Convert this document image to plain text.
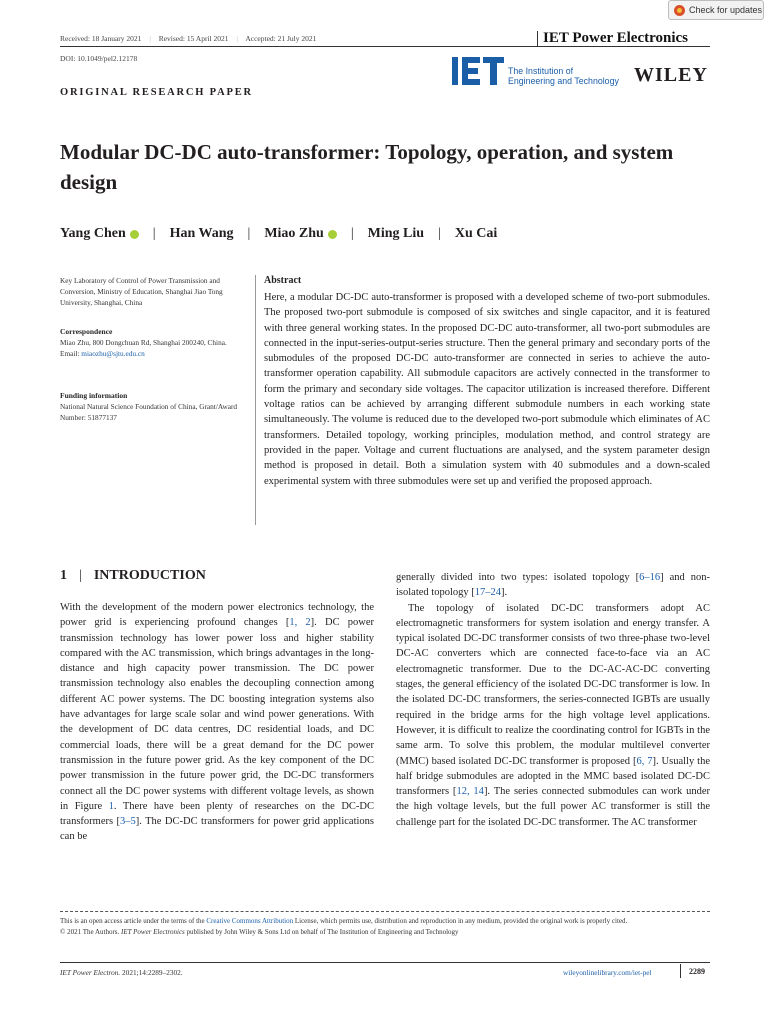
Check for updates
Received: 18 January 2021 | Revised: 15 April 2021 | Accepted: 21 July 2021	IET Power Electronics
DOI: 10.1049/pel2.12178
The Institution of
Engineering and Technology WILEY
ORIGINAL RESEARCH PAPER
Modular DC-DC auto-transformer: Topology, operation, and system design
Yang Chen | Han Wang | Miao Zhu | Ming Liu | Xu Cai
Key Laboratory of Control of Power Transmission and Conversion, Ministry of Education, Shanghai Jiao Tong University, Shanghai, China
Correspondence
Miao Zhu, 800 Dongchuan Rd, Shanghai 200240, China.
Email: miaozhu@sjtu.edu.cn
Funding information
National Natural Science Foundation of China, Grant/Award Number: 51877137
Abstract
Here, a modular DC-DC auto-transformer is proposed with a developed scheme of two-port submodules. The proposed two-port submodule is composed of six switches and single capacitor, and it is featured with three general working states. In the proposed DC-DC auto-transformer, all two-port submodules are connected in the input-series-output-series structure. Then the general primary and secondary ports of the submodules of the proposed DC-DC auto-transformer are connected in series to achieve the auto-transformer operation capability. All submodule capacitors are actively connected in the transformer to form the primary and secondary side voltages. The capacitor utilization is increased therefore. Different voltage ratios can be achieved by arranging different submodule numbers in each working state simultaneously. The volume is reduced due to the developed two-port submodule which eliminates of AC transformers. Detailed topology, working principles, modulation method, and control strategy are provided in the paper. Voltage and current fluctuations are analysed, and the system parameter design method is proposed in detail. Both a simulation system with 40 submodules and a down-scaled experimental system with three submodules were set up and verified the proposed approach.
1 | INTRODUCTION

With the development of the modern power electronics technology, the power grid is experiencing profound changes [1, 2]. DC power transmission technology has lower power loss and higher stability compared with the AC transmission, which brings advantages in the long-distance and high capacity power transmission. The DC power transmission technology also enables the decoupling connection among different AC power systems. The DC boosting integration systems also have advantages for large scale solar and wind power generations. With the development of DC data centres, DC residential loads, and DC commercial loads, there will be a great demand for the DC power transmission in the future power grid. As the key component of the DC power transmission in the future power grid, the DC-DC transformers connect all the DC power systems with different voltage levels, as shown in Figure 1. There have been plenty of researches on the DC-DC transformers [3–5]. The DC-DC transformers for power grid applications can be

generally divided into two types: isolated topology [6–16] and non-isolated topology [17–24].

The topology of isolated DC-DC transformers adopt AC electromagnetic transformers for system isolation and energy transfer. A typical isolated DC-DC transformer consists of two three-phase two-level DC-AC converters which are connected face-to-face via an AC electromagnetic transformer. Due to the DC-AC-AC-DC converting stages, the general efficiency of the isolated DC-DC transformer is low. In the isolated DC-DC transformers, the series-connected IGBTs are usually required in the bridge arms for the high voltage level applications. However, it is difficult to realize the coordinating control for IGBTs in the same arm. To solve this problem, the modular multilevel converter (MMC) based isolated DC-DC transformer is proposed [6, 7]. Usually the half bridge submodules are adopted in the MMC based isolated DC-DC transformers [12, 14]. The series connected submodules can work under the high voltage levels, but the full power AC transformer is still the challenge part for the isolated DC-DC transformer. The AC transformer

This is an open access article under the terms of the Creative Commons Attribution License, which permits use, distribution and reproduction in any medium, provided the original work is properly cited.
© 2021 The Authors. IET Power Electronics published by John Wiley & Sons Ltd on behalf of The Institution of Engineering and Technology
IET Power Electron. 2021;14:2289–2302.	wileyonlinelibrary.com/iet-pel	2289
